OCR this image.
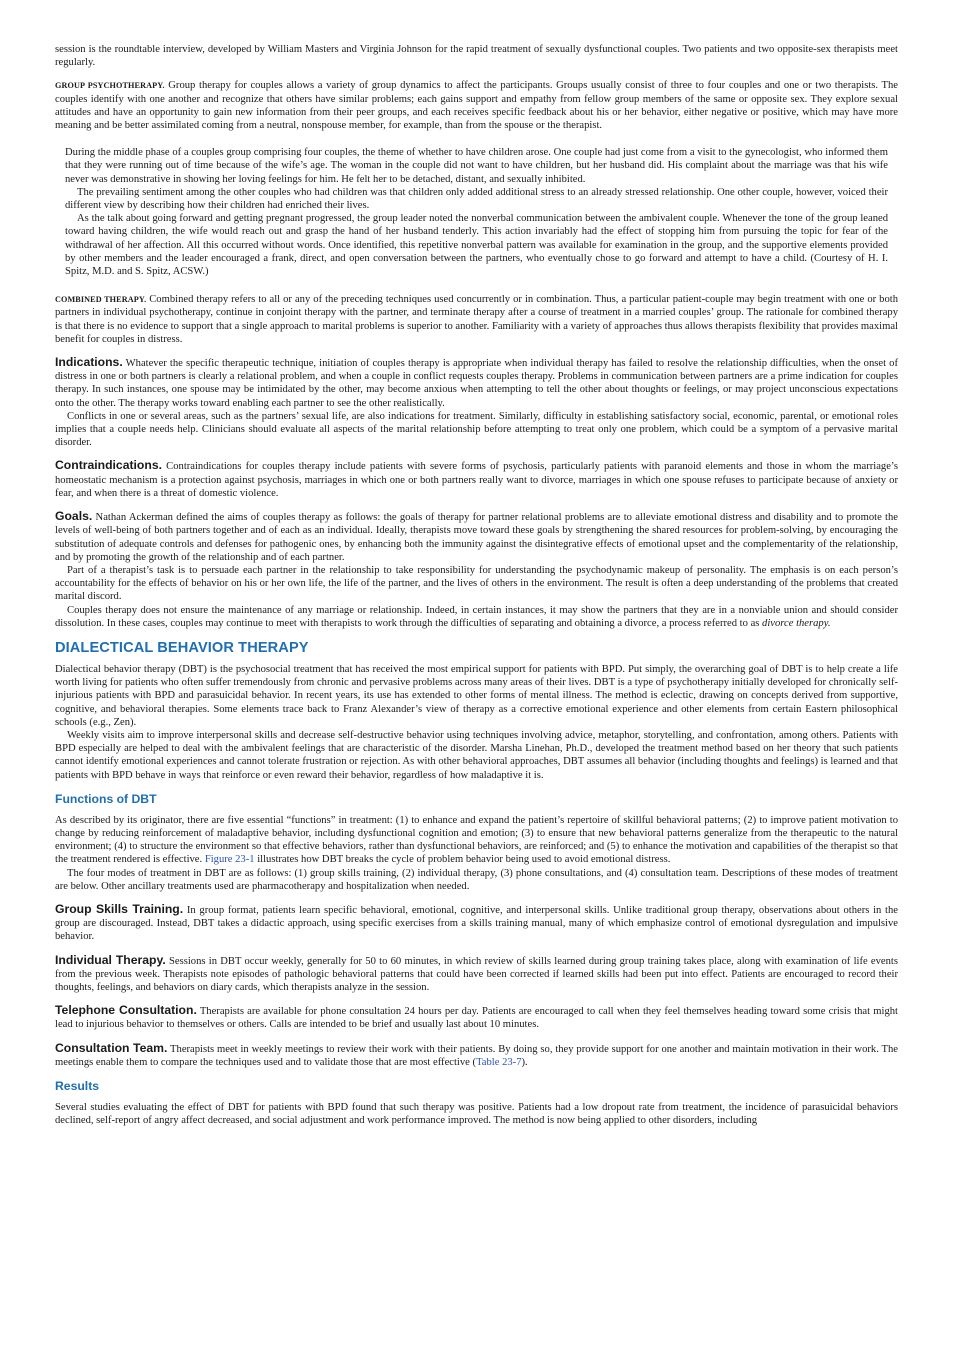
session is the roundtable interview, developed by William Masters and Virginia Johnson for the rapid treatment of sexually dysfunctional couples. Two patients and two opposite-sex therapists meet regularly.

GROUP PSYCHOTHERAPY. Group therapy for couples allows a variety of group dynamics to affect the participants. Groups usually consist of three to four couples and one or two therapists. The couples identify with one another and recognize that others have similar problems; each gains support and empathy from fellow group members of the same or opposite sex. They explore sexual attitudes and have an opportunity to gain new information from their peer groups, and each receives specific feedback about his or her behavior, either negative or positive, which may have more meaning and be better assimilated coming from a neutral, nonspouse member, for example, than from the spouse or the therapist.

During the middle phase of a couples group comprising four couples, the theme of whether to have children arose. One couple had just come from a visit to the gynecologist, who informed them that they were running out of time because of the wife’s age. The woman in the couple did not want to have children, but her husband did. His complaint about the marriage was that his wife never was demonstrative in showing her loving feelings for him. He felt her to be detached, distant, and sexually inhibited.

The prevailing sentiment among the other couples who had children was that children only added additional stress to an already stressed relationship. One other couple, however, voiced their different view by describing how their children had enriched their lives.

As the talk about going forward and getting pregnant progressed, the group leader noted the nonverbal communication between the ambivalent couple. Whenever the tone of the group leaned toward having children, the wife would reach out and grasp the hand of her husband tenderly. This action invariably had the effect of stopping him from pursuing the topic for fear of the withdrawal of her affection. All this occurred without words. Once identified, this repetitive nonverbal pattern was available for examination in the group, and the supportive elements provided by other members and the leader encouraged a frank, direct, and open conversation between the partners, who eventually chose to go forward and attempt to have a child. (Courtesy of H. I. Spitz, M.D. and S. Spitz, ACSW.)

COMBINED THERAPY. Combined therapy refers to all or any of the preceding techniques used concurrently or in combination. Thus, a particular patient-couple may begin treatment with one or both partners in individual psychotherapy, continue in conjoint therapy with the partner, and terminate therapy after a course of treatment in a married couples’ group. The rationale for combined therapy is that there is no evidence to support that a single approach to marital problems is superior to another. Familiarity with a variety of approaches thus allows therapists flexibility that provides maximal benefit for couples in distress.

Indications. Whatever the specific therapeutic technique, initiation of couples therapy is appropriate when individual therapy has failed to resolve the relationship difficulties, when the onset of distress in one or both partners is clearly a relational problem, and when a couple in conflict requests couples therapy. Problems in communication between partners are a prime indication for couples therapy. In such instances, one spouse may be intimidated by the other, may become anxious when attempting to tell the other about thoughts or feelings, or may project unconscious expectations onto the other. The therapy works toward enabling each partner to see the other realistically.

Conflicts in one or several areas, such as the partners’ sexual life, are also indications for treatment. Similarly, difficulty in establishing satisfactory social, economic, parental, or emotional roles implies that a couple needs help. Clinicians should evaluate all aspects of the marital relationship before attempting to treat only one problem, which could be a symptom of a pervasive marital disorder.

Contraindications. Contraindications for couples therapy include patients with severe forms of psychosis, particularly patients with paranoid elements and those in whom the marriage’s homeostatic mechanism is a protection against psychosis, marriages in which one or both partners really want to divorce, marriages in which one spouse refuses to participate because of anxiety or fear, and when there is a threat of domestic violence.

Goals. Nathan Ackerman defined the aims of couples therapy as follows: the goals of therapy for partner relational problems are to alleviate emotional distress and disability and to promote the levels of well-being of both partners together and of each as an individual. Ideally, therapists move toward these goals by strengthening the shared resources for problem-solving, by encouraging the substitution of adequate controls and defenses for pathogenic ones, by enhancing both the immunity against the disintegrative effects of emotional upset and the complementarity of the relationship, and by promoting the growth of the relationship and of each partner.

Part of a therapist’s task is to persuade each partner in the relationship to take responsibility for understanding the psychodynamic makeup of personality. The emphasis is on each person’s accountability for the effects of behavior on his or her own life, the life of the partner, and the lives of others in the environment. The result is often a deep understanding of the problems that created marital discord.

Couples therapy does not ensure the maintenance of any marriage or relationship. Indeed, in certain instances, it may show the partners that they are in a nonviable union and should consider dissolution. In these cases, couples may continue to meet with therapists to work through the difficulties of separating and obtaining a divorce, a process referred to as divorce therapy.

DIALECTICAL BEHAVIOR THERAPY

Dialectical behavior therapy (DBT) is the psychosocial treatment that has received the most empirical support for patients with BPD. Put simply, the overarching goal of DBT is to help create a life worth living for patients who often suffer tremendously from chronic and pervasive problems across many areas of their lives. DBT is a type of psychotherapy initially developed for chronically self-injurious patients with BPD and parasuicidal behavior. In recent years, its use has extended to other forms of mental illness. The method is eclectic, drawing on concepts derived from supportive, cognitive, and behavioral therapies. Some elements trace back to Franz Alexander’s view of therapy as a corrective emotional experience and other elements from certain Eastern philosophical schools (e.g., Zen).

Weekly visits aim to improve interpersonal skills and decrease self-destructive behavior using techniques involving advice, metaphor, storytelling, and confrontation, among others. Patients with BPD especially are helped to deal with the ambivalent feelings that are characteristic of the disorder. Marsha Linehan, Ph.D., developed the treatment method based on her theory that such patients cannot identify emotional experiences and cannot tolerate frustration or rejection. As with other behavioral approaches, DBT assumes all behavior (including thoughts and feelings) is learned and that patients with BPD behave in ways that reinforce or even reward their behavior, regardless of how maladaptive it is.

Functions of DBT

As described by its originator, there are five essential “functions” in treatment: (1) to enhance and expand the patient’s repertoire of skillful behavioral patterns; (2) to improve patient motivation to change by reducing reinforcement of maladaptive behavior, including dysfunctional cognition and emotion; (3) to ensure that new behavioral patterns generalize from the therapeutic to the natural environment; (4) to structure the environment so that effective behaviors, rather than dysfunctional behaviors, are reinforced; and (5) to enhance the motivation and capabilities of the therapist so that the treatment rendered is effective. Figure 23-1 illustrates how DBT breaks the cycle of problem behavior being used to avoid emotional distress.

The four modes of treatment in DBT are as follows: (1) group skills training, (2) individual therapy, (3) phone consultations, and (4) consultation team. Descriptions of these modes of treatment are below. Other ancillary treatments used are pharmacotherapy and hospitalization when needed.

Group Skills Training. In group format, patients learn specific behavioral, emotional, cognitive, and interpersonal skills. Unlike traditional group therapy, observations about others in the group are discouraged. Instead, DBT takes a didactic approach, using specific exercises from a skills training manual, many of which emphasize control of emotional dysregulation and impulsive behavior.

Individual Therapy. Sessions in DBT occur weekly, generally for 50 to 60 minutes, in which review of skills learned during group training takes place, along with examination of life events from the previous week. Therapists note episodes of pathologic behavioral patterns that could have been corrected if learned skills had been put into effect. Patients are encouraged to record their thoughts, feelings, and behaviors on diary cards, which therapists analyze in the session.

Telephone Consultation. Therapists are available for phone consultation 24 hours per day. Patients are encouraged to call when they feel themselves heading toward some crisis that might lead to injurious behavior to themselves or others. Calls are intended to be brief and usually last about 10 minutes.

Consultation Team. Therapists meet in weekly meetings to review their work with their patients. By doing so, they provide support for one another and maintain motivation in their work. The meetings enable them to compare the techniques used and to validate those that are most effective (Table 23-7).

Results

Several studies evaluating the effect of DBT for patients with BPD found that such therapy was positive. Patients had a low dropout rate from treatment, the incidence of parasuicidal behaviors declined, self-report of angry affect decreased, and social adjustment and work performance improved. The method is now being applied to other disorders, including
